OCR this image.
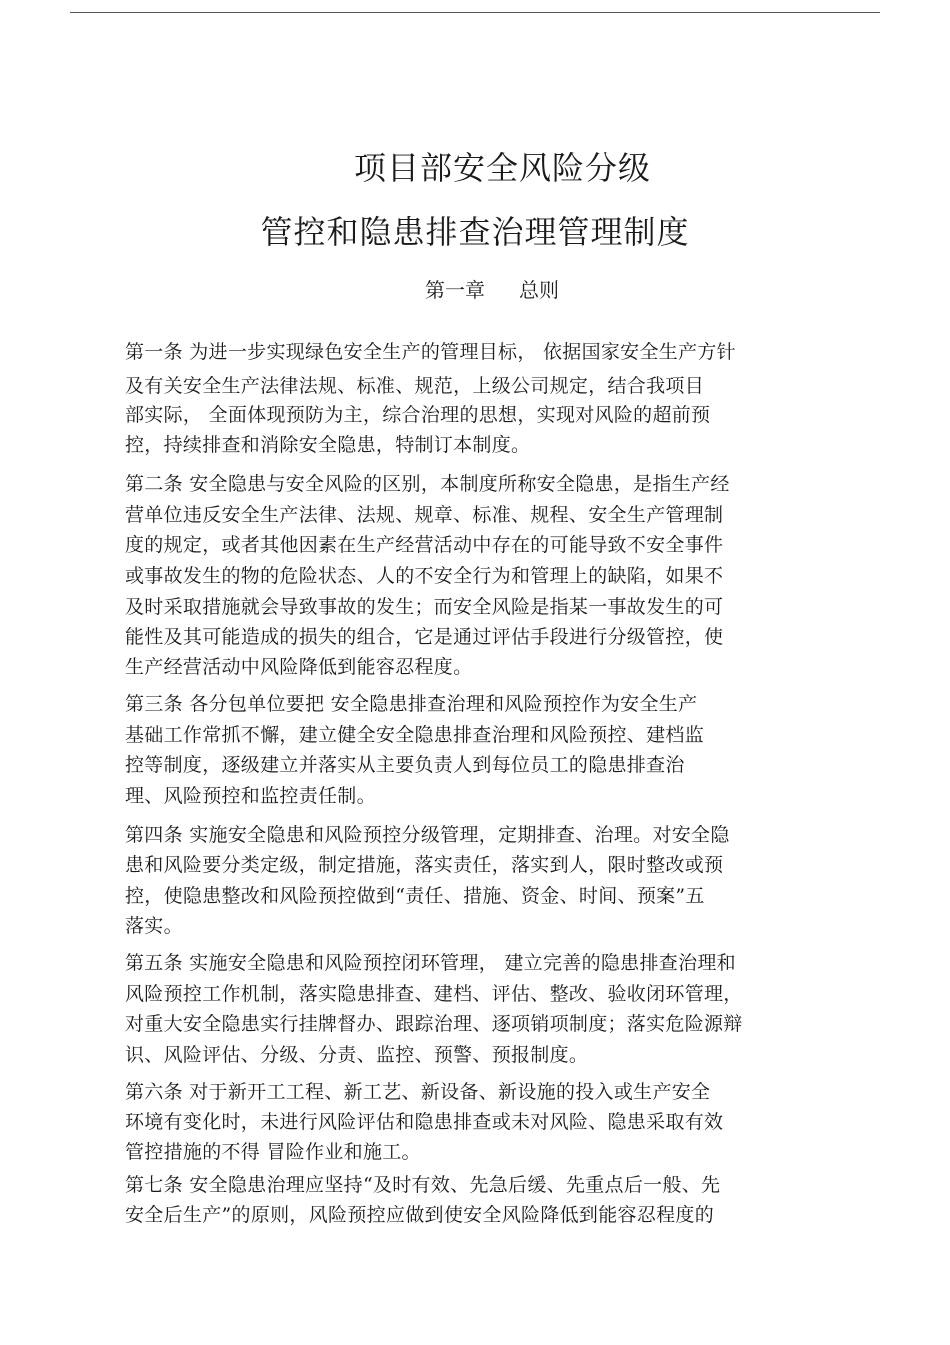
项目部安全风险分级
管控和隐患排查治理管理制度
第一章 总则
第一条 为进一步实现绿色安全生产的管理目标， 依据国家安全生产方针
及有关安全生产法律法规、标准、规范，上级公司规定，结合我项目
部实际， 全面体现预防为主，综合治理的思想，实现对风险的超前预
控，持续排查和消除安全隐患，特制订本制度。
第二条 安全隐患与安全风险的区别，本制度所称安全隐患，是指生产经
营单位违反安全生产法律、法规、规章、标准、规程、安全生产管理制
度的规定，或者其他因素在生产经营活动中存在的可能导致不安全事件
或事故发生的物的危险状态、人的不安全行为和管理上的缺陷，如果不
及时采取措施就会导致事故的发生；而安全风险是指某一事故发生的可
能性及其可能造成的损失的组合，它是通过评估手段进行分级管控，使
生产经营活动中风险降低到能容忍程度。
第三条 各分包单位要把 安全隐患排查治理和风险预控作为安全生产
基础工作常抓不懈，建立健全安全隐患排查治理和风险预控、建档监
控等制度，逐级建立并落实从主要负责人到每位员工的隐患排查治
理、风险预控和监控责任制。
第四条 实施安全隐患和风险预控分级管理，定期排查、治理。对安全隐
患和风险要分类定级，制定措施，落实责任，落实到人，限时整改或预
控，使隐患整改和风险预控做到“责任、措施、资金、时间、预案”五
落实。
第五条 实施安全隐患和风险预控闭环管理， 建立完善的隐患排查治理和
风险预控工作机制，落实隐患排查、建档、评估、整改、验收闭环管理，
对重大安全隐患实行挂牌督办、跟踪治理、逐项销项制度；落实危险源辩
识、风险评估、分级、分责、监控、预警、预报制度。
第六条 对于新开工工程、新工艺、新设备、新设施的投入或生产安全
环境有变化时，未进行风险评估和隐患排查或未对风险、隐患采取有效
管控措施的不得 冒险作业和施工。
第七条 安全隐患治理应坚持“及时有效、先急后缓、先重点后一般、先
安全后生产”的原则，风险预控应做到使安全风险降低到能容忍程度的
